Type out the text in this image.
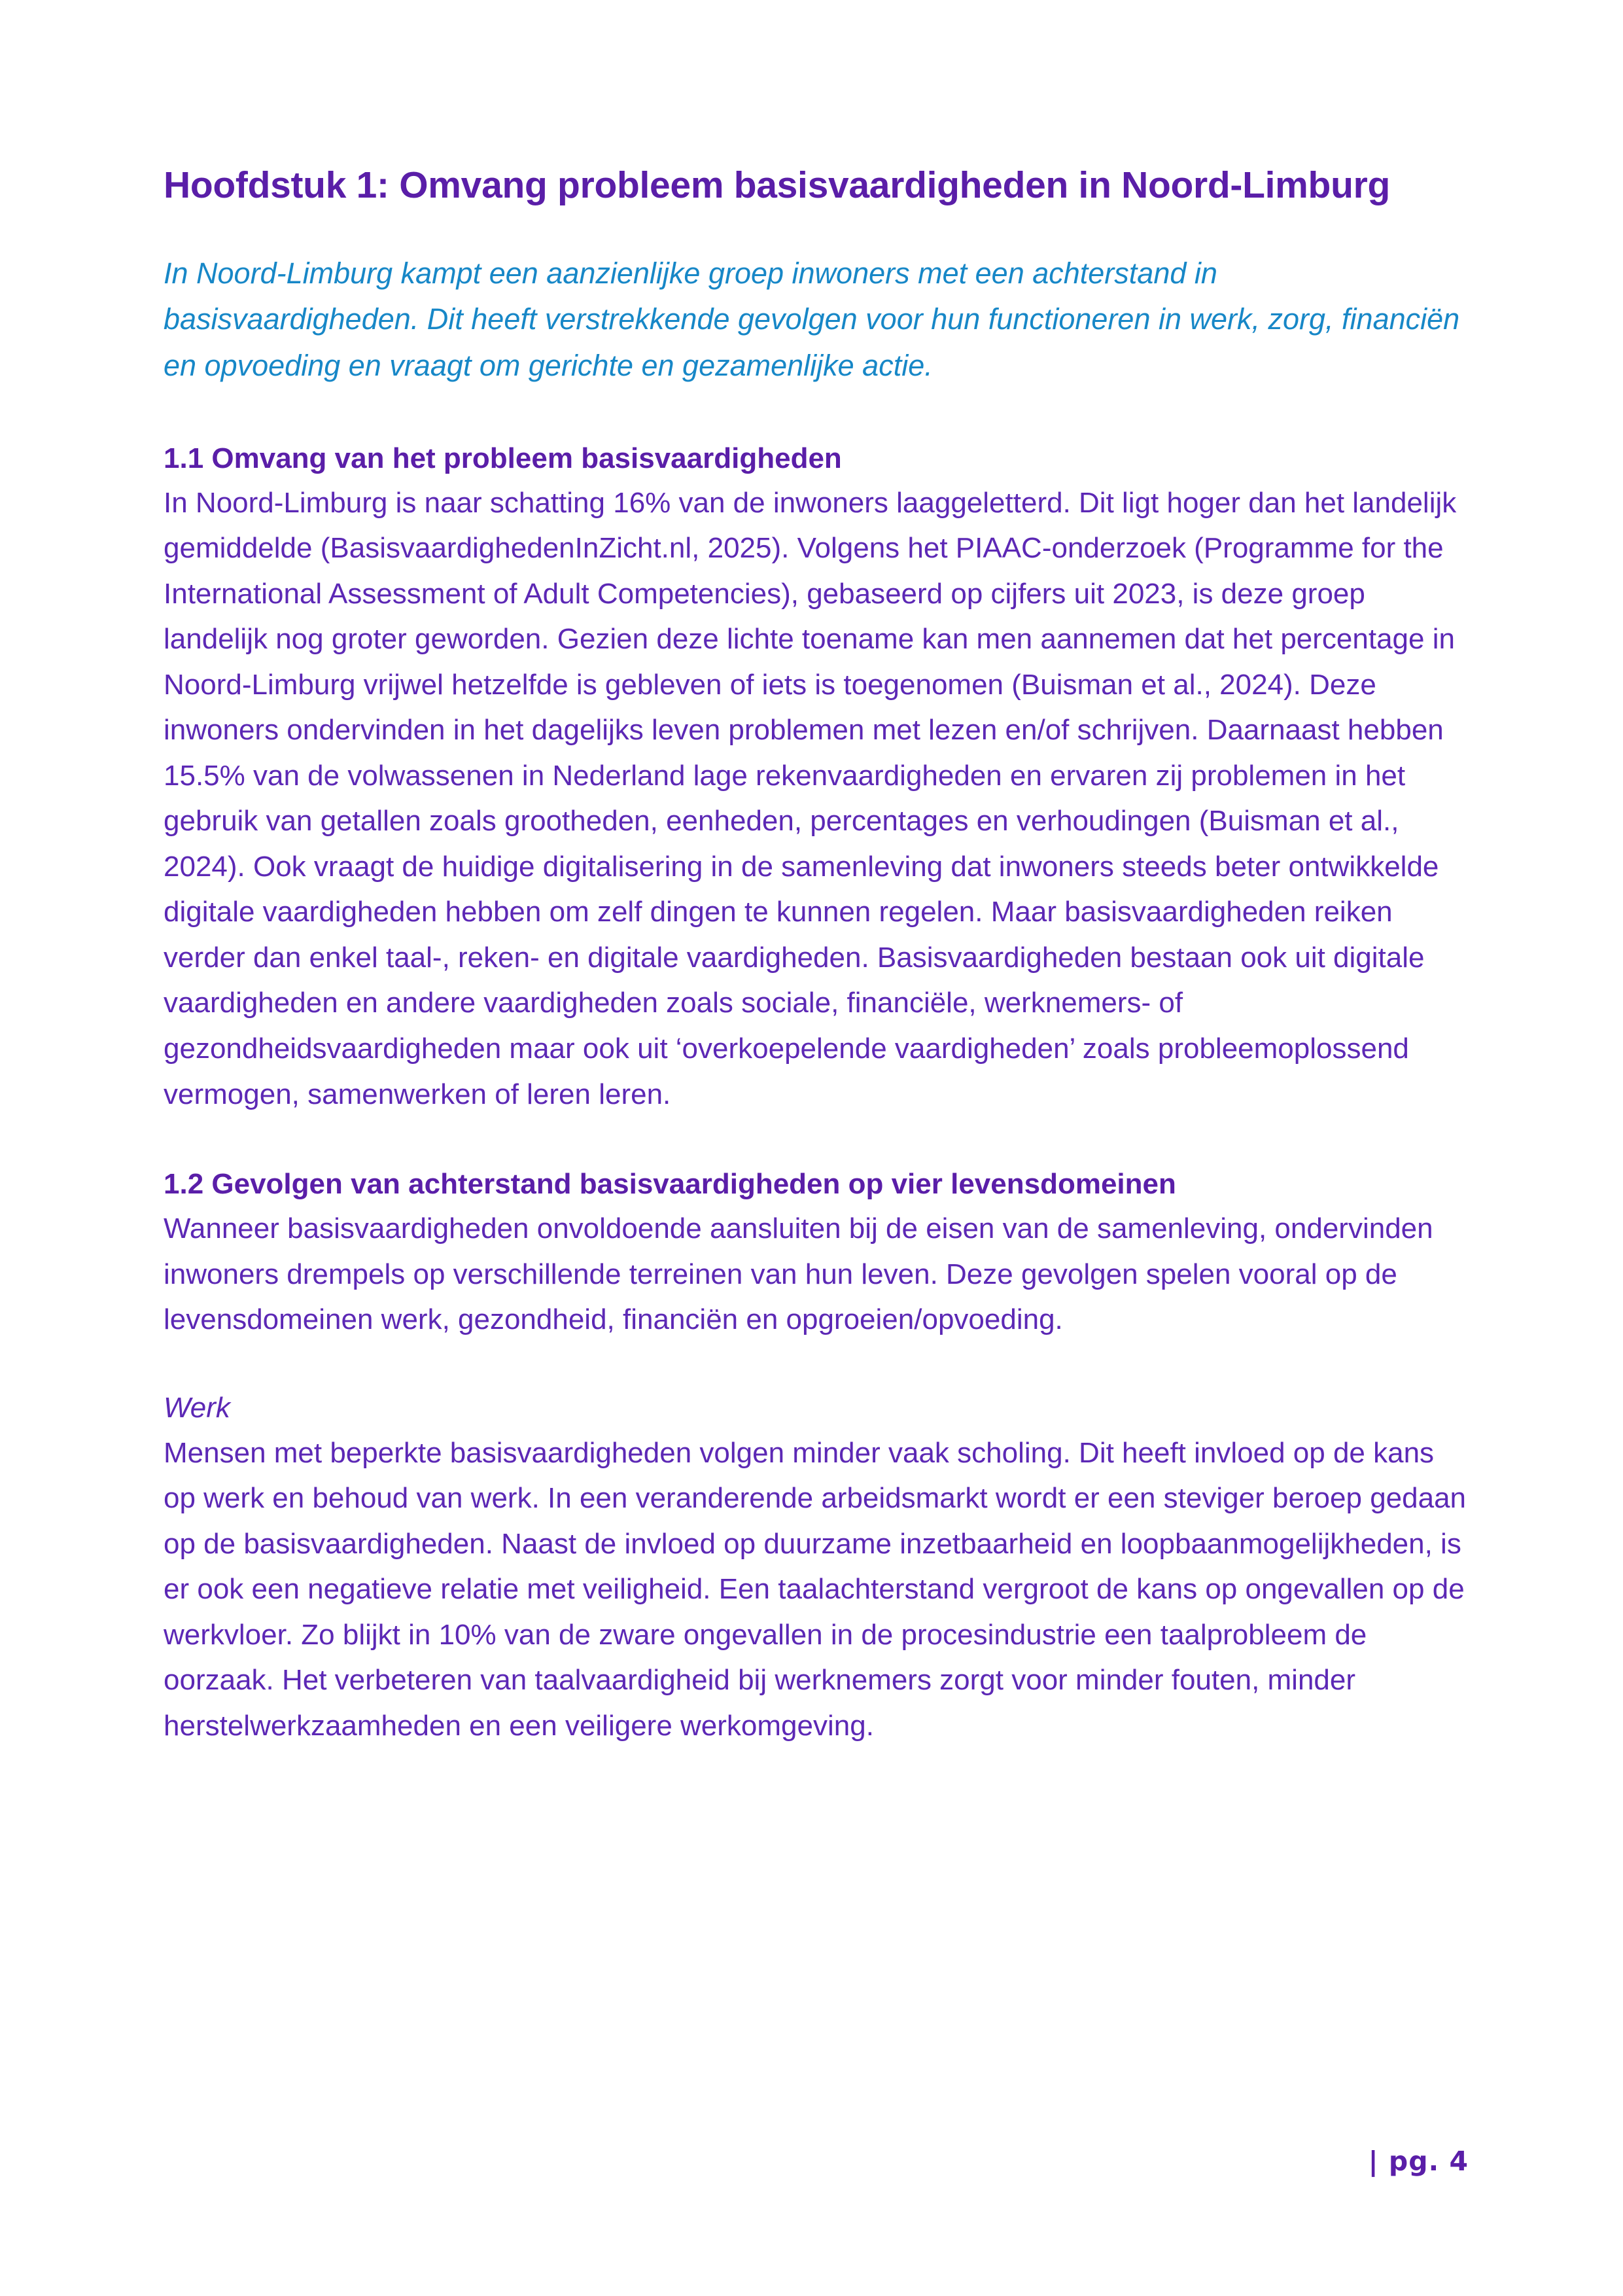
Hoofdstuk 1: Omvang probleem basisvaardigheden in Noord-Limburg

In Noord-Limburg kampt een aanzienlijke groep inwoners met een achterstand in basisvaardigheden. Dit heeft verstrekkende gevolgen voor hun functioneren in werk, zorg, financiën en opvoeding en vraagt om gerichte en gezamenlijke actie.

1.1 Omvang van het probleem basisvaardigheden

In Noord-Limburg is naar schatting 16% van de inwoners laaggeletterd. Dit ligt hoger dan het landelijk gemiddelde (BasisvaardighedenInZicht.nl, 2025). Volgens het PIAAC-onderzoek (Programme for the International Assessment of Adult Competencies), gebaseerd op cijfers uit 2023, is deze groep landelijk nog groter geworden. Gezien deze lichte toename kan men aannemen dat het percentage in Noord-Limburg vrijwel hetzelfde is gebleven of iets is toegenomen (Buisman et al., 2024). Deze inwoners ondervinden in het dagelijks leven problemen met lezen en/of schrijven. Daarnaast hebben 15.5% van de volwassenen in Nederland lage rekenvaardigheden en ervaren zij problemen in het gebruik van getallen zoals grootheden, eenheden, percentages en verhoudingen (Buisman et al., 2024). Ook vraagt de huidige digitalisering in de samenleving dat inwoners steeds beter ontwikkelde digitale vaardigheden hebben om zelf dingen te kunnen regelen. Maar basisvaardigheden reiken verder dan enkel taal-, reken- en digitale vaardigheden. Basisvaardigheden bestaan ook uit digitale vaardigheden en andere vaardigheden zoals sociale, financiële, werknemers- of gezondheidsvaardigheden maar ook uit ‘overkoepelende vaardigheden’ zoals probleemoplossend vermogen, samenwerken of leren leren.

1.2 Gevolgen van achterstand basisvaardigheden op vier levensdomeinen

Wanneer basisvaardigheden onvoldoende aansluiten bij de eisen van de samenleving, ondervinden inwoners drempels op verschillende terreinen van hun leven. Deze gevolgen spelen vooral op de levensdomeinen werk, gezondheid, financiën en opgroeien/opvoeding.

Werk

Mensen met beperkte basisvaardigheden volgen minder vaak scholing. Dit heeft invloed op de kans op werk en behoud van werk. In een veranderende arbeidsmarkt wordt er een steviger beroep gedaan op de basisvaardigheden. Naast de invloed op duurzame inzetbaarheid en loopbaanmogelijkheden, is er ook een negatieve relatie met veiligheid. Een taalachterstand vergroot de kans op ongevallen op de werkvloer. Zo blijkt in 10% van de zware ongevallen in de procesindustrie een taalprobleem de oorzaak. Het verbeteren van taalvaardigheid bij werknemers zorgt voor minder fouten, minder herstelwerkzaamheden en een veiligere werkomgeving.

| pg. 4
